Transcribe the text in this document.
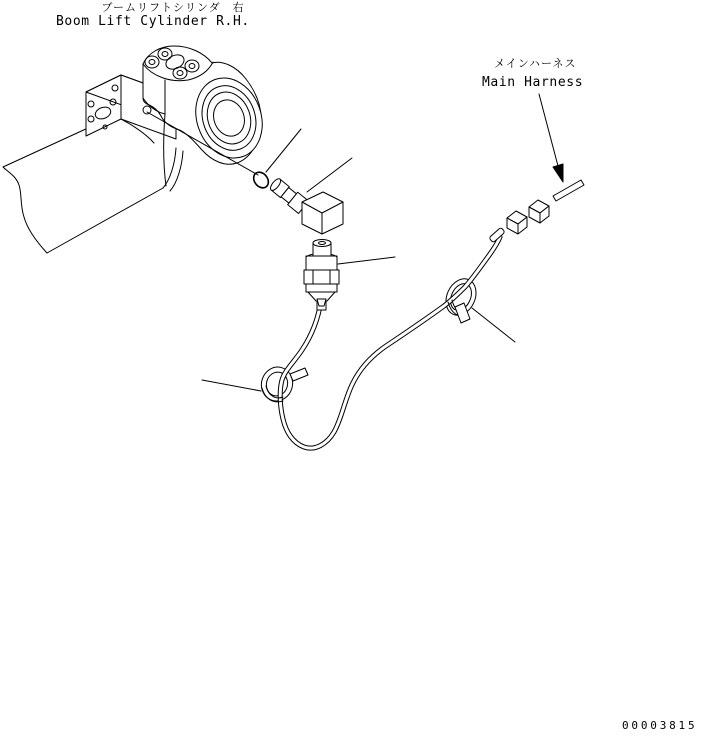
ブームリフトシリンダ　右
Boom Lift Cylinder R.H.
メインハーネス
Main Harness
00003815
